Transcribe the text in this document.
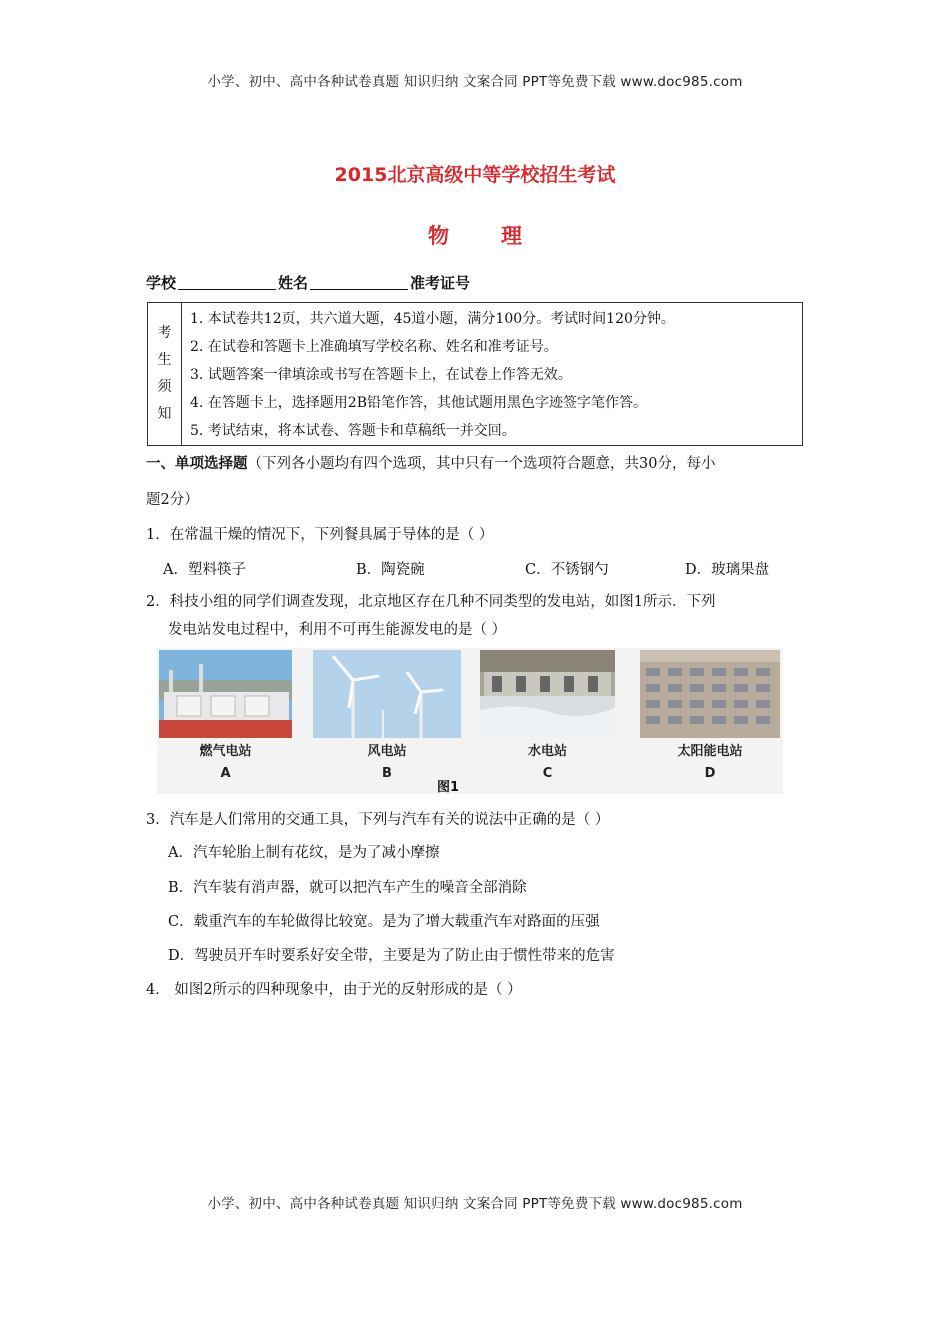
小学、初中、高中各种试卷真题 知识归纳 文案合同 PPT等免费下载 www.doc985.com
2015北京高级中等学校招生考试
物理
学校	姓名	准考证号
考
生
须
知
1. 本试卷共12页，共六道大题，45道小题，满分100分。考试时间120分钟。
2. 在试卷和答题卡上准确填写学校名称、姓名和准考证号。
3. 试题答案一律填涂或书写在答题卡上，在试卷上作答无效。
4. 在答题卡上，选择题用2B铅笔作答，其他试题用黑色字迹签字笔作答。
5. 考试结束，将本试卷、答题卡和草稿纸一并交回。
一、单项选择题（下列各小题均有四个选项，其中只有一个选项符合题意，共30分，每小
题2分）
1．在常温干燥的情况下，下列餐具属于导体的是（ ）
A．塑料筷子	B．陶瓷碗	C．不锈钢勺	D．玻璃果盘
2．科技小组的同学们调查发现，北京地区存在几种不同类型的发电站，如图1所示．下列
发电站发电过程中，利用不可再生能源发电的是（ ）
燃气电站	风电站	水电站	太阳能电站
A	B	C	D
图1
3．汽车是人们常用的交通工具，下列与汽车有关的说法中正确的是（ ）
A．汽车轮胎上制有花纹，是为了减小摩擦
B．汽车装有消声器，就可以把汽车产生的噪音全部消除
C．载重汽车的车轮做得比较宽。是为了增大载重汽车对路面的压强
D．驾驶员开车时要系好安全带，主要是为了防止由于惯性带来的危害
4． 如图2所示的四种现象中，由于光的反射形成的是（ ）
小学、初中、高中各种试卷真题 知识归纳 文案合同 PPT等免费下载 www.doc985.com
